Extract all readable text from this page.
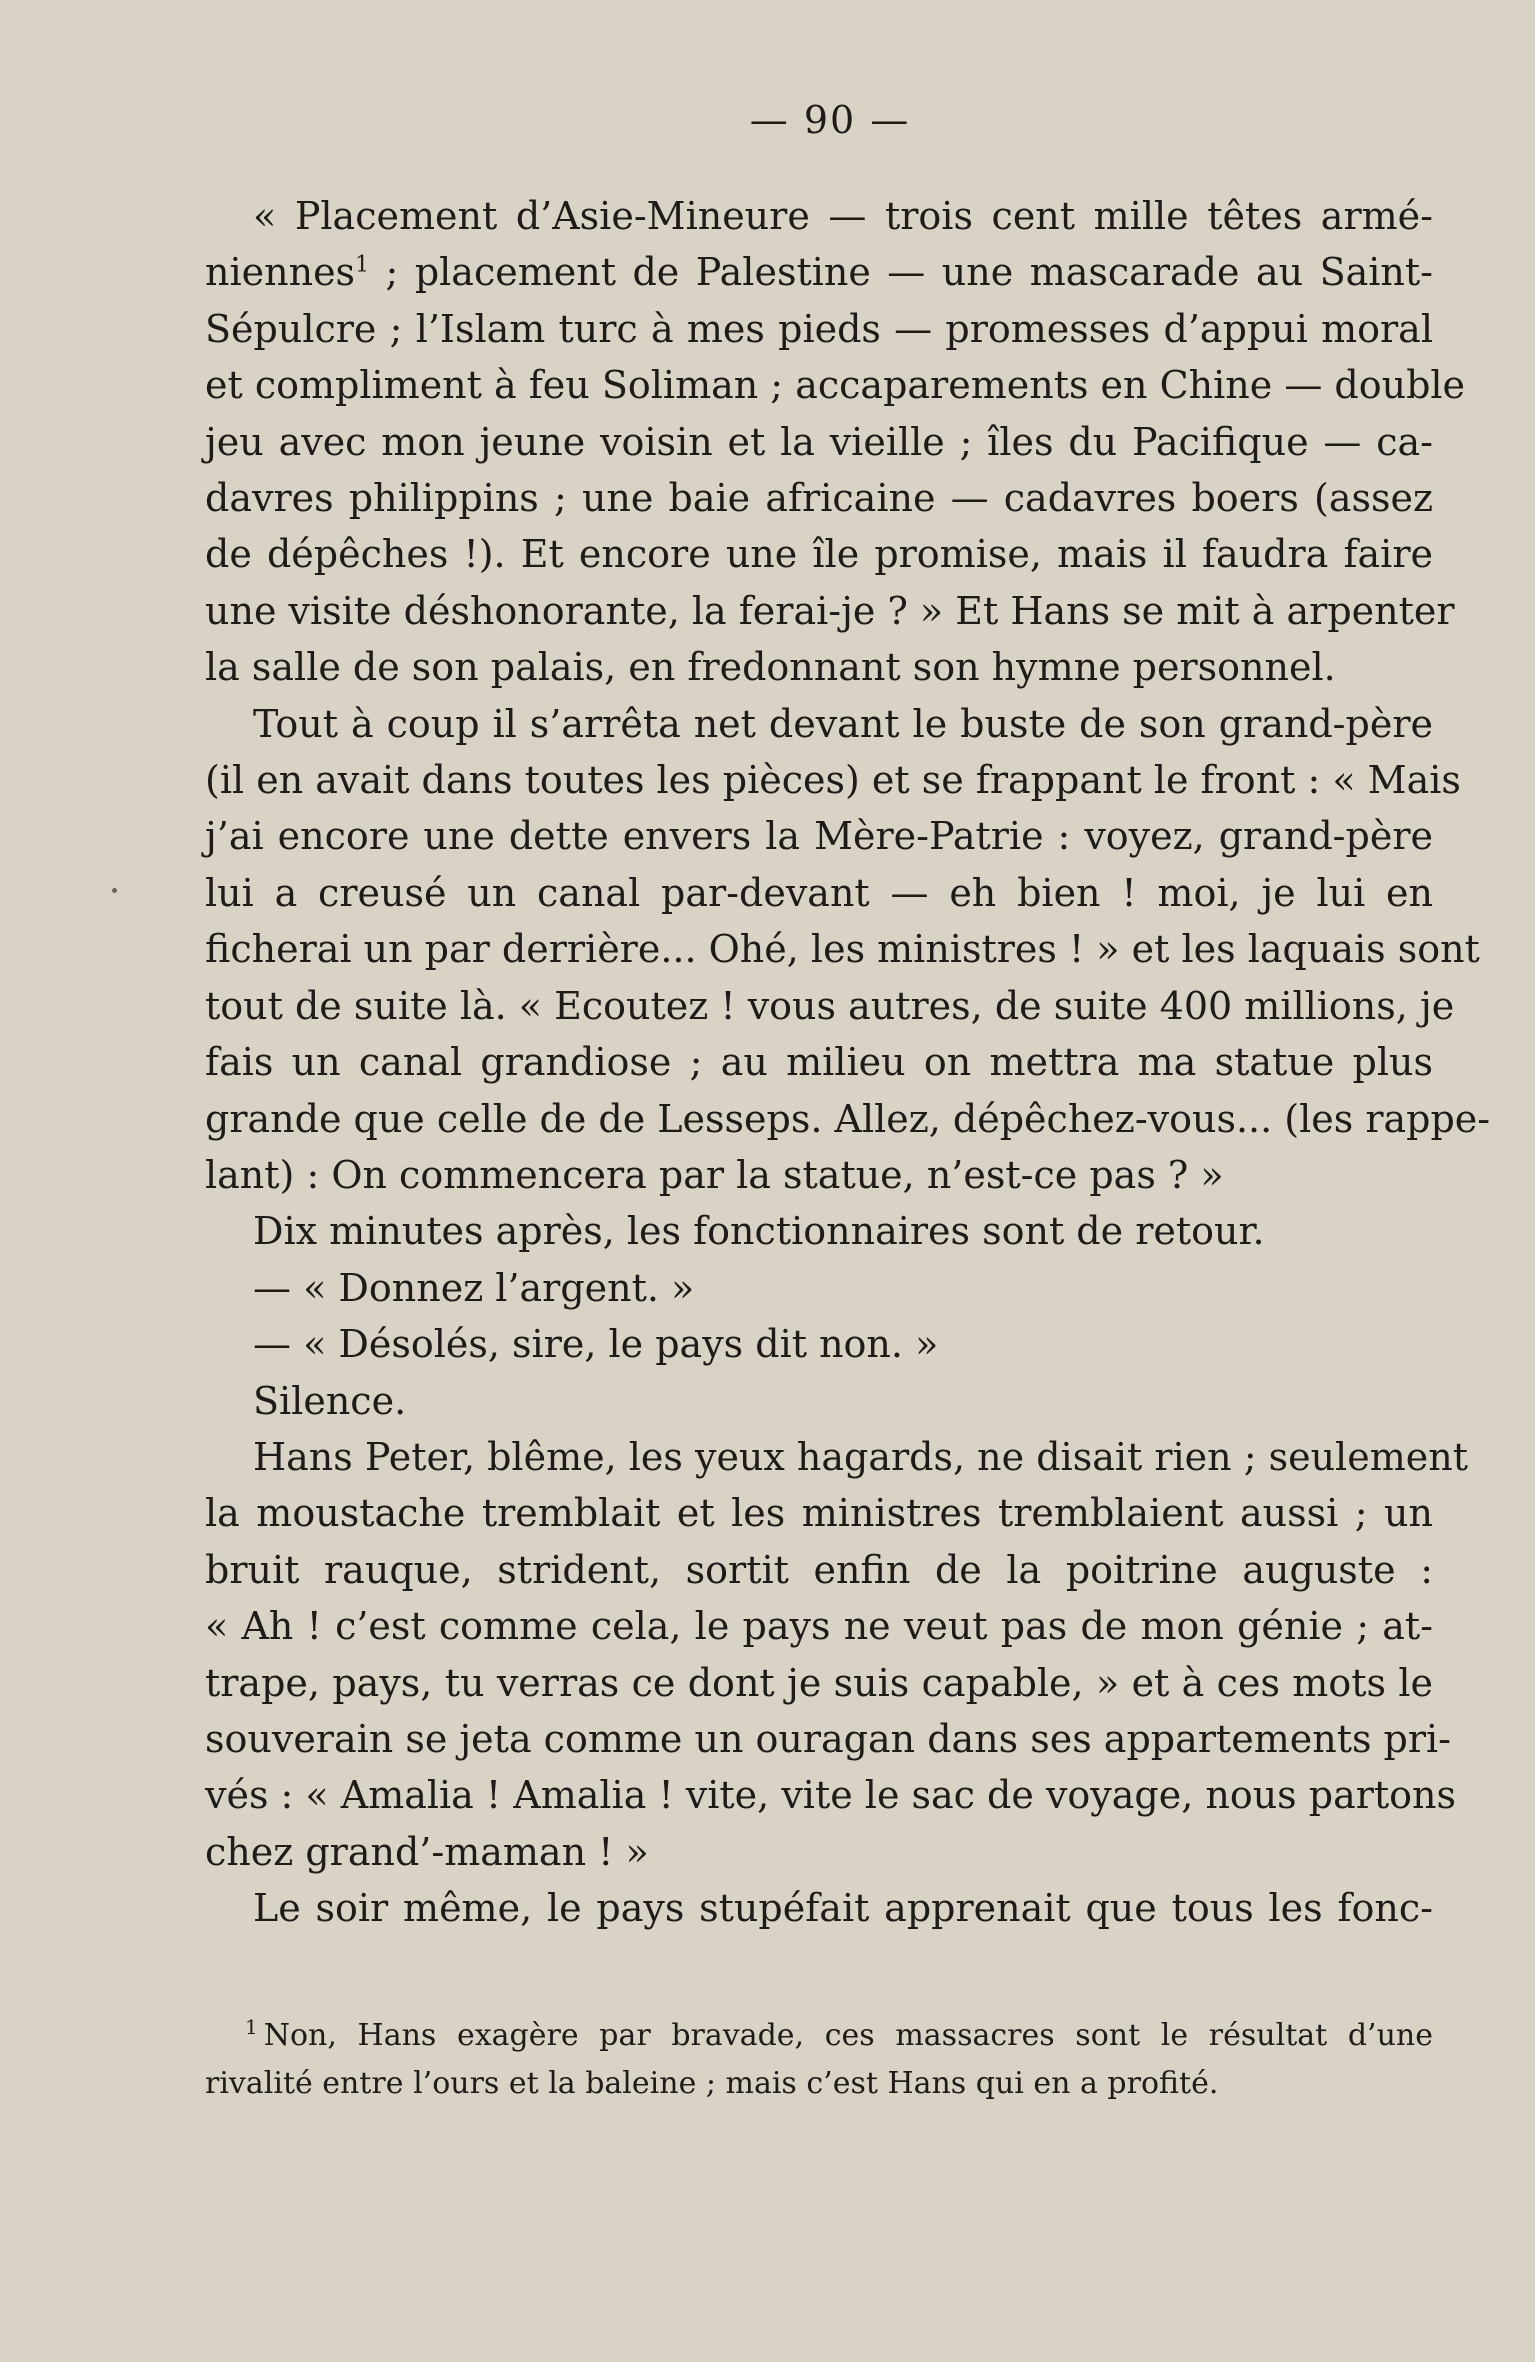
— 90 —
« Placement d’Asie-Mineure — trois cent mille têtes armé-
niennes$^1$ ; placement de Palestine — une mascarade au Saint-
Sépulcre ; l’Islam turc à mes pieds — promesses d’appui moral
et compliment à feu Soliman ; accaparements en Chine — double
jeu avec mon jeune voisin et la vieille ; îles du Pacifique — ca-
davres philippins ; une baie africaine — cadavres boers (assez
de dépêches !). Et encore une île promise, mais il faudra faire
une visite déshonorante, la ferai-je ? » Et Hans se mit à arpenter
la salle de son palais, en fredonnant son hymne personnel.
Tout à coup il s’arrêta net devant le buste de son grand-père
(il en avait dans toutes les pièces) et se frappant le front : « Mais
j’ai encore une dette envers la Mère-Patrie : voyez, grand-père
lui a creusé un canal par-devant — eh bien ! moi, je lui en
ficherai un par derrière... Ohé, les ministres ! » et les laquais sont
tout de suite là. « Ecoutez ! vous autres, de suite 400 millions, je
fais un canal grandiose ; au milieu on mettra ma statue plus
grande que celle de de Lesseps. Allez, dépêchez-vous... (les rappe-
lant) : On commencera par la statue, n’est-ce pas ? »
Dix minutes après, les fonctionnaires sont de retour.
— « Donnez l’argent. »
— « Désolés, sire, le pays dit non. »
Silence.
Hans Peter, blême, les yeux hagards, ne disait rien ; seulement
la moustache tremblait et les ministres tremblaient aussi ; un
bruit rauque, strident, sortit enfin de la poitrine auguste :
« Ah ! c’est comme cela, le pays ne veut pas de mon génie ; at-
trape, pays, tu verras ce dont je suis capable, » et à ces mots le
souverain se jeta comme un ouragan dans ses appartements pri-
vés : « Amalia ! Amalia ! vite, vite le sac de voyage, nous partons
chez grand’-maman ! »
Le soir même, le pays stupéfait apprenait que tous les fonc-
$^1$ Non, Hans exagère par bravade, ces massacres sont le résultat d’une
rivalité entre l’ours et la baleine ; mais c’est Hans qui en a profité.
